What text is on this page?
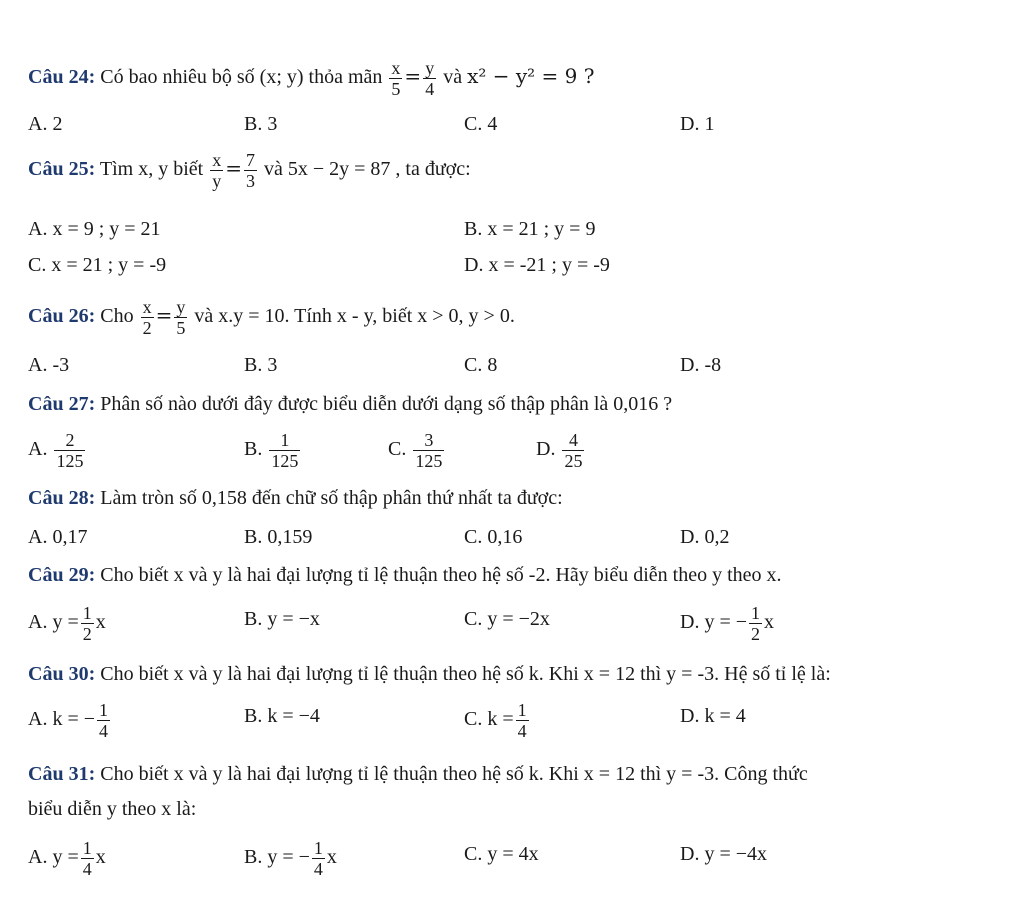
Câu 24: Có bao nhiêu bộ số (x; y) thỏa mãn $\frac{x}{5} = \frac{y}{4}$ và x² − y² = 9 ?
A. 2	B. 3	C. 4	D. 1
Câu 25: Tìm x, y biết $\frac{x}{y} = \frac{7}{3}$ và 5x − 2y = 87 , ta được:
A. x = 9 ; y = 21	B. x = 21 ; y = 9
C. x = 21 ; y = -9	D. x = -21 ; y = -9
Câu 26: Cho $\frac{x}{2} = \frac{y}{5}$ và x.y = 10. Tính x - y, biết x > 0, y > 0.
A. -3	B. 3	C. 8	D. -8
Câu 27: Phân số nào dưới đây được biểu diễn dưới dạng số thập phân là 0,016 ?
A. $\frac{2}{125}$	B. $\frac{1}{125}$	C. $\frac{3}{125}$	D. $\frac{4}{25}$
Câu 28: Làm tròn số 0,158 đến chữ số thập phân thứ nhất ta được:
A. 0,17	B. 0,159	C. 0,16	D. 0,2
Câu 29: Cho biết x và y là hai đại lượng tỉ lệ thuận theo hệ số -2. Hãy biểu diễn theo y theo x.
A. $y = \frac{1}{2}$ x	B. y = −x	C. y = −2x	D. y = − $\frac{1}{2}$ x
Câu 30: Cho biết x và y là hai đại lượng tỉ lệ thuận theo hệ số k. Khi x = 12 thì y = -3. Hệ số tỉ lệ là:
A. k = − $\frac{1}{4}$	B. k = −4	C. $k = \frac{1}{4}$	D. k = 4
Câu 31: Cho biết x và y là hai đại lượng tỉ lệ thuận theo hệ số k. Khi x = 12 thì y = -3. Công thức
biểu diễn y theo x là:
A. $y = \frac{1}{4}$ x	B. y = − $\frac{1}{4}$ x	C. y = 4x	D. y = −4x
